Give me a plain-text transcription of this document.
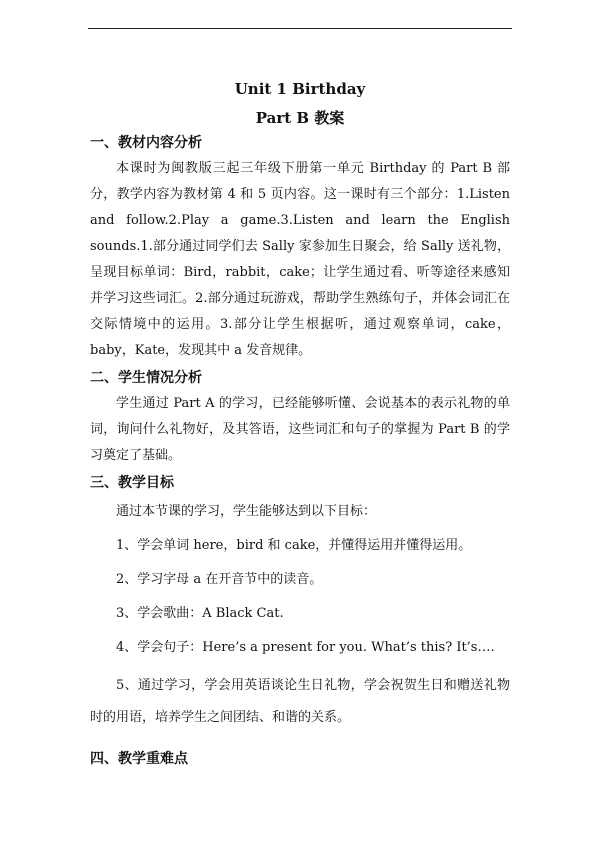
Unit 1 Birthday
Part B 教案
一、教材内容分析

本课时为闽教版三起三年级下册第一单元 Birthday 的 Part B 部分，教学内容为教材第 4 和 5 页内容。这一课时有三个部分：1.Listen and follow.2.Play a game.3.Listen and learn the English sounds.1.部分通过同学们去 Sally 家参加生日聚会，给 Sally 送礼物，呈现目标单词：Bird，rabbit，cake；让学生通过看、听等途径来感知并学习这些词汇。2.部分通过玩游戏，帮助学生熟练句子，并体会词汇在交际情境中的运用。3.部分让学生根据听，通过观察单词，cake，baby，Kate，发现其中 a 发音规律。

二、学生情况分析

学生通过 Part A 的学习，已经能够听懂、会说基本的表示礼物的单词，询问什么礼物好，及其答语，这些词汇和句子的掌握为 Part B 的学习奠定了基础。

三、教学目标

通过本节课的学习，学生能够达到以下目标：

1、学会单词 here，bird 和 cake，并懂得运用并懂得运用。

2、学习字母 a 在开音节中的读音。

3、学会歌曲：A Black Cat.

4、学会句子：Here’s a present for you. What’s this? It’s….

5、通过学习，学会用英语谈论生日礼物，学会祝贺生日和赠送礼物时的用语，培养学生之间团结、和谐的关系。

四、教学重难点
